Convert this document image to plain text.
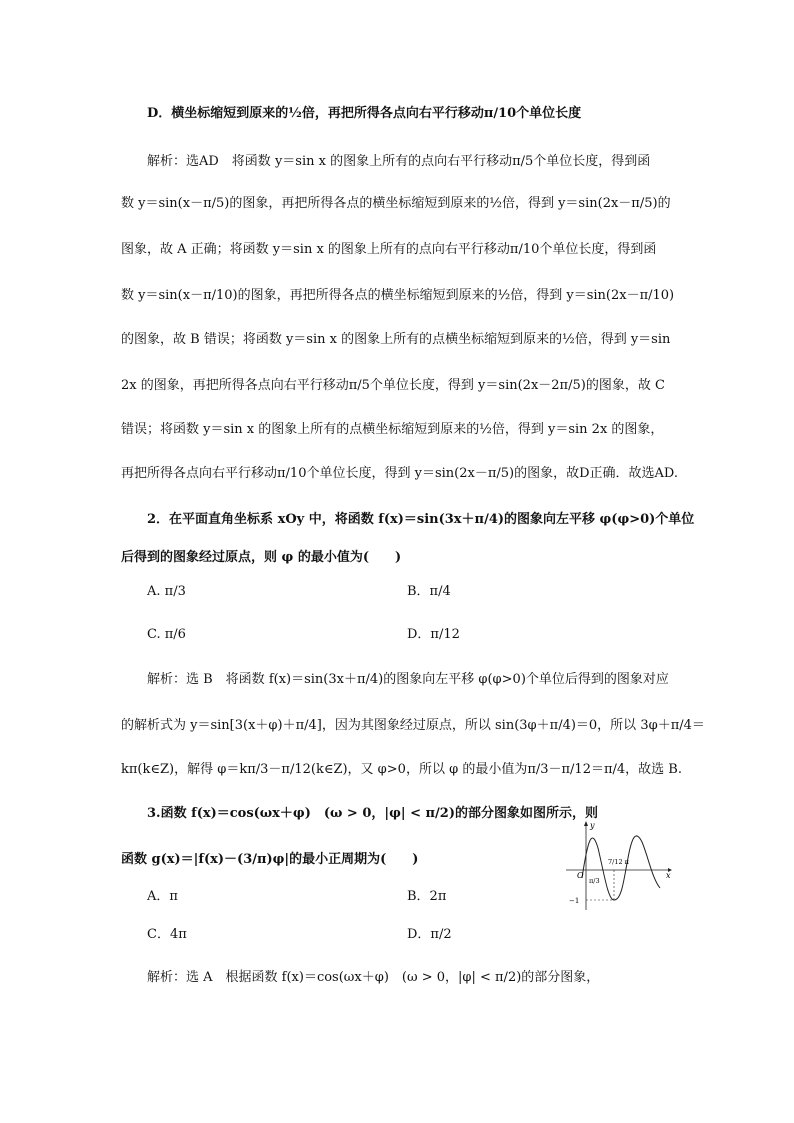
D．横坐标缩短到原来的½倍，再把所得各点向右平行移动π/10个单位长度
解析：选AD　将函数 y＝sin x 的图象上所有的点向右平行移动π/5个单位长度，得到函
数 y＝sin(x－π/5)的图象，再把所得各点的横坐标缩短到原来的½倍，得到 y＝sin(2x－π/5)的
图象，故 A 正确；将函数 y＝sin x 的图象上所有的点向右平行移动π/10个单位长度，得到函
数 y＝sin(x－π/10)的图象，再把所得各点的横坐标缩短到原来的½倍，得到 y＝sin(2x－π/10)
的图象，故 B 错误；将函数 y＝sin x 的图象上所有的点横坐标缩短到原来的½倍，得到 y＝sin
2x 的图象，再把所得各点向右平行移动π/5个单位长度，得到 y＝sin(2x－2π/5)的图象，故 C
错误；将函数 y＝sin x 的图象上所有的点横坐标缩短到原来的½倍，得到 y＝sin 2x 的图象，
再把所得各点向右平行移动π/10个单位长度，得到 y＝sin(2x－π/5)的图象，故D正确．故选AD.
2．在平面直角坐标系 xOy 中，将函数 f(x)＝sin(3x＋π/4)的图象向左平移 φ(φ>0)个单位
后得到的图象经过原点，则 φ 的最小值为(　　)
解析：选 B　将函数 f(x)＝sin(3x＋π/4)的图象向左平移 φ(φ>0)个单位后得到的图象对应
的解析式为 y＝sin[3(x＋φ)＋π/4]，因为其图象经过原点，所以 sin(3φ＋π/4)＝0，所以 3φ＋π/4＝
kπ(k∈Z)，解得 φ＝kπ/3－π/12(k∈Z)，又 φ>0，所以 φ 的最小值为π/3－π/12＝π/4，故选 B.
3.函数 f(x)＝cos(ωx＋φ)　(ω > 0，|φ| < π/2)的部分图象如图所示，则
函数 g(x)＝|f(x)－(3/π)φ|的最小正周期为(　　)
解析：选 A　根据函数 f(x)＝cos(ωx＋φ)　(ω > 0，|φ| < π/2)的部分图象，
A. π/3	B．π/4
C. π/6	D．π/12
A．π	B．2π
C．4π	D．π/2
y
x
O
−1
π/3
7/12 π
